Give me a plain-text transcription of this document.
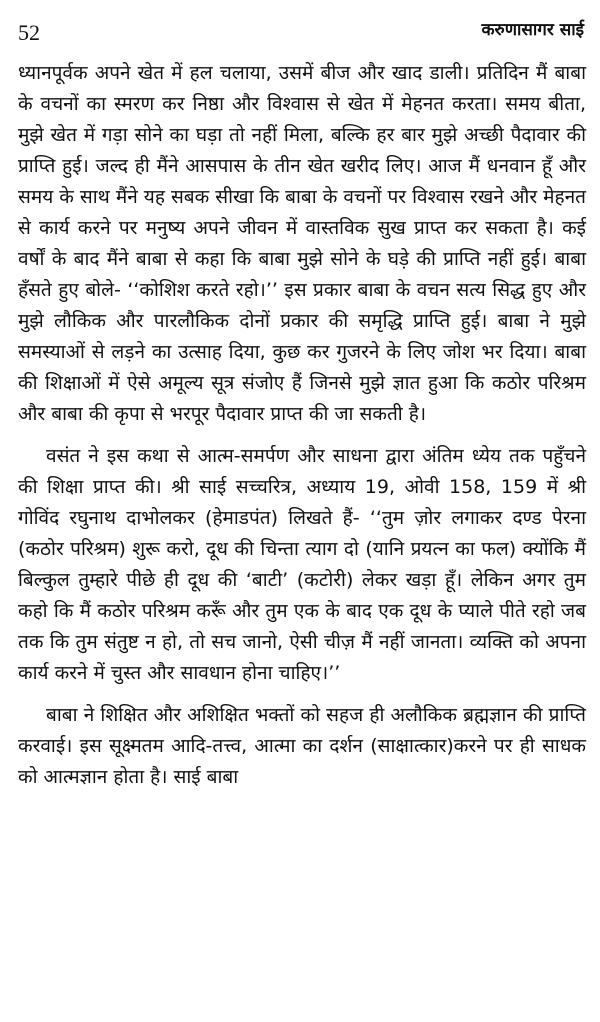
52	करुणासागर साई

ध्यानपूर्वक अपने खेत में हल चलाया, उसमें बीज और खाद डाली। प्रतिदिन मैं बाबा के वचनों का स्मरण कर निष्ठा और विश्वास से खेत में मेहनत करता। समय बीता, मुझे खेत में गड़ा सोने का घड़ा तो नहीं मिला, बल्कि हर बार मुझे अच्छी पैदावार की प्राप्ति हुई। जल्द ही मैंने आसपास के तीन खेत खरीद लिए। आज मैं धनवान हूँ और समय के साथ मैंने यह सबक सीखा कि बाबा के वचनों पर विश्वास रखने और मेहनत से कार्य करने पर मनुष्य अपने जीवन में वास्तविक सुख प्राप्त कर सकता है। कई वर्षों के बाद मैंने बाबा से कहा कि बाबा मुझे सोने के घड़े की प्राप्ति नहीं हुई। बाबा हँसते हुए बोले- ‘‘कोशिश करते रहो।’’ इस प्रकार बाबा के वचन सत्य सिद्ध हुए और मुझे लौकिक और पारलौकिक दोनों प्रकार की समृद्धि प्राप्ति हुई। बाबा ने मुझे समस्याओं से लड़ने का उत्साह दिया, कुछ कर गुजरने के लिए जोश भर दिया। बाबा की शिक्षाओं में ऐसे अमूल्य सूत्र संजोए हैं जिनसे मुझे ज्ञात हुआ कि कठोर परिश्रम और बाबा की कृपा से भरपूर पैदावार प्राप्त की जा सकती है।

वसंत ने इस कथा से आत्म-समर्पण और साधना द्वारा अंतिम ध्येय तक पहुँचने की शिक्षा प्राप्त की। श्री साई सच्चरित्र, अध्याय 19, ओवी 158, 159 में श्री गोविंद रघुनाथ दाभोलकर (हेमाडपंत) लिखते हैं- ‘‘तुम ज़ोर लगाकर दण्ड पेरना (कठोर परिश्रम) शुरू करो, दूध की चिन्ता त्याग दो (यानि प्रयत्न का फल) क्योंकि मैं बिल्कुल तुम्हारे पीछे ही दूध की ‘बाटी’ (कटोरी) लेकर खड़ा हूँ। लेकिन अगर तुम कहो कि मैं कठोर परिश्रम करूँ और तुम एक के बाद एक दूध के प्याले पीते रहो जब तक कि तुम संतुष्ट न हो, तो सच जानो, ऐसी चीज़ मैं नहीं जानता। व्यक्ति को अपना कार्य करने में चुस्त और सावधान होना चाहिए।’’

बाबा ने शिक्षित और अशिक्षित भक्तों को सहज ही अलौकिक ब्रह्मज्ञान की प्राप्ति करवाई। इस सूक्ष्मतम आदि-तत्त्व, आत्मा का दर्शन (साक्षात्कार)करने पर ही साधक को आत्मज्ञान होता है। साई बाबा
